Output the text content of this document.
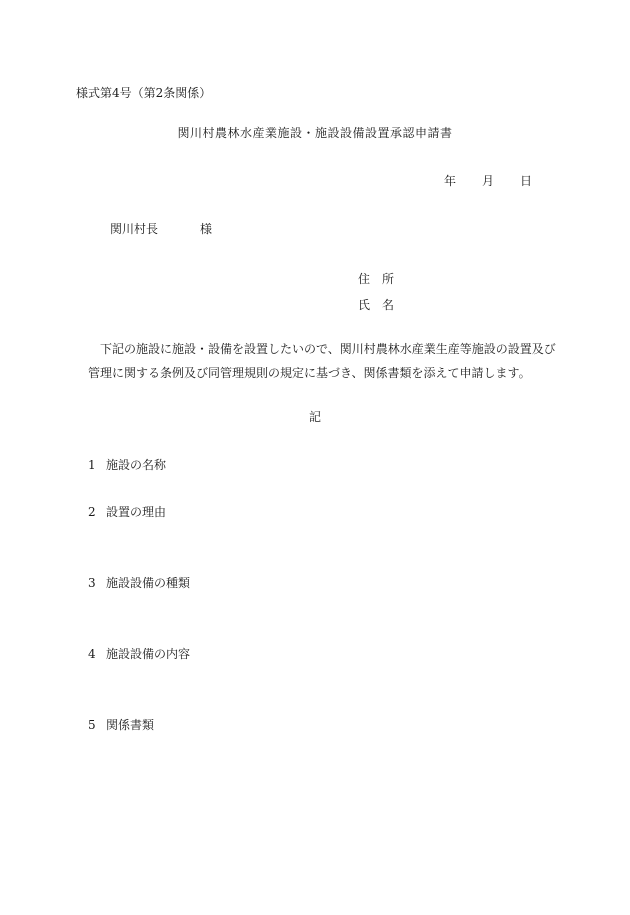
様式第4号（第2条関係）
関川村農林水産業施設・施設設備設置承認申請書
年 月 日
関川村長	様
住　所
氏　名

下記の施設に施設・設備を設置したいので、関川村農林水産業生産等施設の設置及び

管理に関する条例及び同管理規則の規定に基づき、関係書類を添えて申請します。

記
1 施設の名称
2 設置の理由
3 施設設備の種類
4 施設設備の内容
5 関係書類
